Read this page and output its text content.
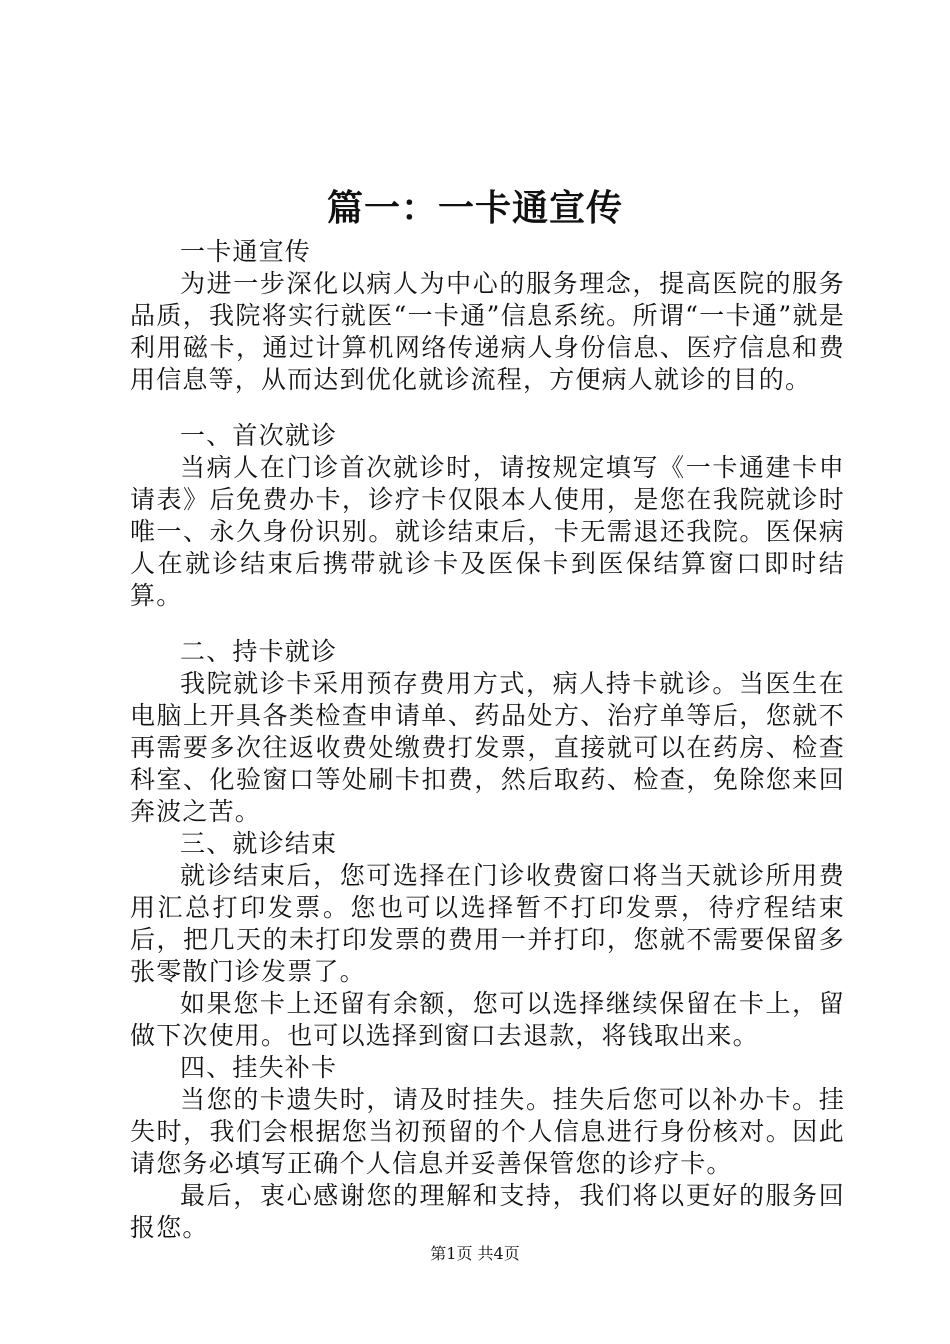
篇一：一卡通宣传

一卡通宣传

为进一步深化以病人为中心的服务理念，提高医院的服务品质，我院将实行就医“一卡通”信息系统。所谓“一卡通”就是利用磁卡，通过计算机网络传递病人身份信息、医疗信息和费用信息等，从而达到优化就诊流程，方便病人就诊的目的。

一、首次就诊

当病人在门诊首次就诊时，请按规定填写《一卡通建卡申请表》后免费办卡，诊疗卡仅限本人使用，是您在我院就诊时唯一、永久身份识别。就诊结束后，卡无需退还我院。医保病人在就诊结束后携带就诊卡及医保卡到医保结算窗口即时结算。

二、持卡就诊

我院就诊卡采用预存费用方式，病人持卡就诊。当医生在电脑上开具各类检查申请单、药品处方、治疗单等后，您就不再需要多次往返收费处缴费打发票，直接就可以在药房、检查科室、化验窗口等处刷卡扣费，然后取药、检查，免除您来回奔波之苦。

三、就诊结束

就诊结束后，您可选择在门诊收费窗口将当天就诊所用费用汇总打印发票。您也可以选择暂不打印发票，待疗程结束后，把几天的未打印发票的费用一并打印，您就不需要保留多张零散门诊发票了。

如果您卡上还留有余额，您可以选择继续保留在卡上，留做下次使用。也可以选择到窗口去退款，将钱取出来。

四、挂失补卡

当您的卡遗失时，请及时挂失。挂失后您可以补办卡。挂失时，我们会根据您当初预留的个人信息进行身份核对。因此请您务必填写正确个人信息并妥善保管您的诊疗卡。

最后，衷心感谢您的理解和支持，我们将以更好的服务回报您。

第1页 共4页
